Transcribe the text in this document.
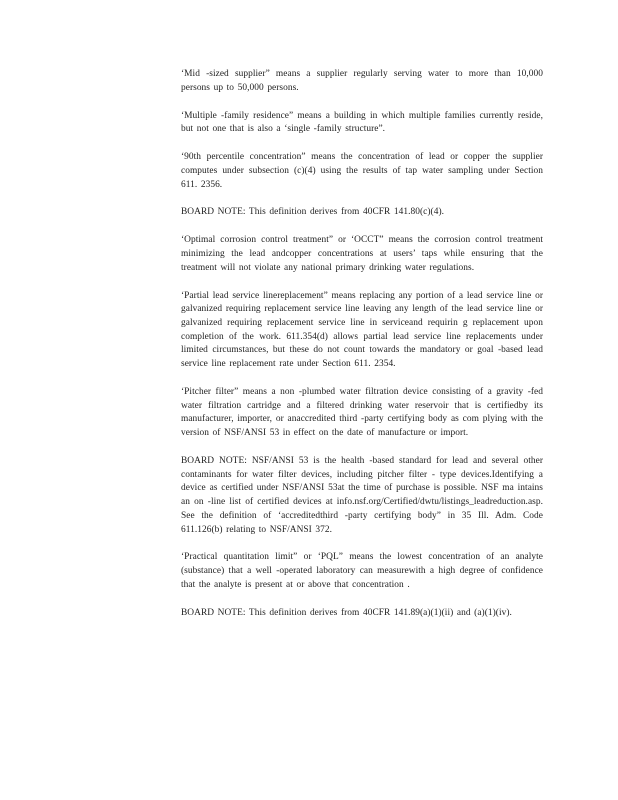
‘Mid -sized supplier” means a supplier regularly serving water to more than 10,000 persons up to 50,000 persons.

‘Multiple -family residence” means a building in which multiple families currently reside, but not one that is also a ‘single -family structure”.

‘90th percentile concentration” means the concentration of lead or copper the supplier computes under subsection (c)(4) using the results of tap water sampling under Section 611. 2356.

BOARD NOTE: This definition derives from 40CFR 141.80(c)(4).

‘Optimal corrosion control treatment” or ‘OCCT” means the corrosion control treatment minimizing the lead andcopper concentrations at users’ taps while ensuring that the treatment will not violate any national primary drinking water regulations.

‘Partial lead service linereplacement” means replacing any portion of a lead service line or galvanized requiring replacement service line leaving any length of the lead service line or galvanized requiring replacement service line in serviceand requirin g replacement upon completion of the work. 611.354(d) allows partial lead service line replacements under limited circumstances, but these do not count towards the mandatory or goal -based lead service line replacement rate under Section 611. 2354.

‘Pitcher filter” means a non -plumbed water filtration device consisting of a gravity -fed water filtration cartridge and a filtered drinking water reservoir that is certifiedby its manufacturer, importer, or anaccredited third -party certifying body as com plying with the version of NSF/ANSI 53 in effect on the date of manufacture or import.

BOARD NOTE: NSF/ANSI 53 is the health -based standard for lead and several other contaminants for water filter devices, including pitcher filter - type devices.Identifying a device as certified under NSF/ANSI 53at the time of purchase is possible. NSF ma intains an on -line list of certified devices at info.nsf.org/Certified/dwtu/listings_leadreduction.asp. See the definition of ‘accreditedthird -party certifying body” in 35 Ill. Adm. Code 611.126(b) relating to NSF/ANSI 372.

‘Practical quantitation limit” or ‘PQL” means the lowest concentration of an analyte (substance) that a well -operated laboratory can measurewith a high degree of confidence that the analyte is present at or above that concentration .

BOARD NOTE: This definition derives from 40CFR 141.89(a)(1)(ii) and (a)(1)(iv).
